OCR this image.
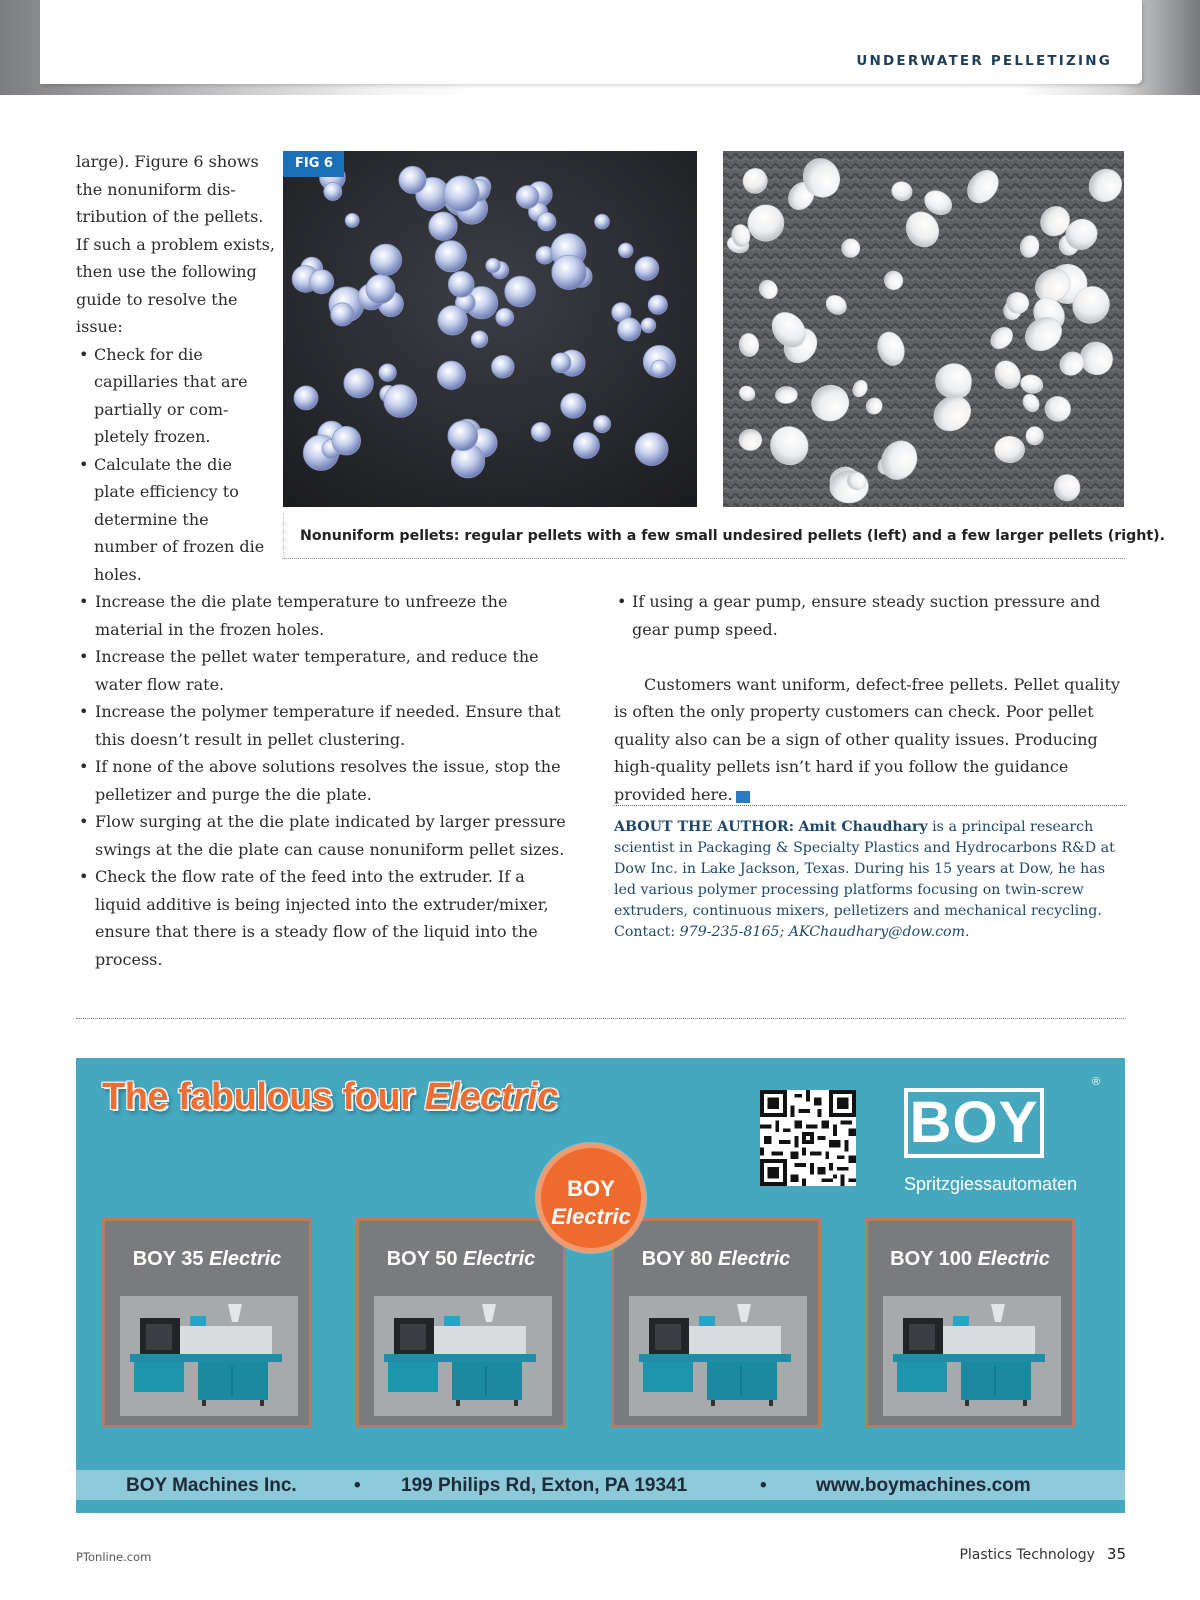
UNDERWATER PELLETIZING

large). Figure 6 shows the nonuniform distribution of the pellets. If such a problem exists, then use the following guide to resolve the issue:

• Check for die capillaries that are partially or completely frozen.

• Calculate the die plate efficiency to determine the number of frozen die holes.

FIG 6
Nonuniform pellets: regular pellets with a few small undesired pellets (left) and a few larger pellets (right).

• Increase the die plate temperature to unfreeze the material in the frozen holes.

• Increase the pellet water temperature, and reduce the water flow rate.

• Increase the polymer temperature if needed. Ensure that this doesn’t result in pellet clustering.

• If none of the above solutions resolves the issue, stop the pelletizer and purge the die plate.

• Flow surging at the die plate indicated by larger pressure swings at the die plate can cause nonuniform pellet sizes.

• Check the flow rate of the feed into the extruder. If a liquid additive is being injected into the extruder/mixer, ensure that there is a steady flow of the liquid into the process.

• If using a gear pump, ensure steady suction pressure and gear pump speed.

Customers want uniform, defect-free pellets. Pellet quality is often the only property customers can check. Poor pellet quality also can be a sign of other quality issues. Producing high-quality pellets isn’t hard if you follow the guidance provided here.	PT

ABOUT THE AUTHOR: Amit Chaudhary is a principal research scientist in Packaging & Specialty Plastics and Hydrocarbons R&D at Dow Inc. in Lake Jackson, Texas. During his 15 years at Dow, he has led various polymer processing platforms focusing on twin-screw extruders, continuous mixers, pelletizers and mechanical recycling. Contact: 979-235-8165; AKChaudhary@dow.com.
The fabulous four Electric	BOY
®
Spritzgiessautomaten
BOY 35 Electric	BOY 50 Electric	BOY 80 Electric	BOY 100 Electric
BOY
Electric
BOY Machines Inc.	• 199 Philips Rd, Exton, PA 19341	•	www.boymachines.com
PTonline.com	Plastics Technology 35
